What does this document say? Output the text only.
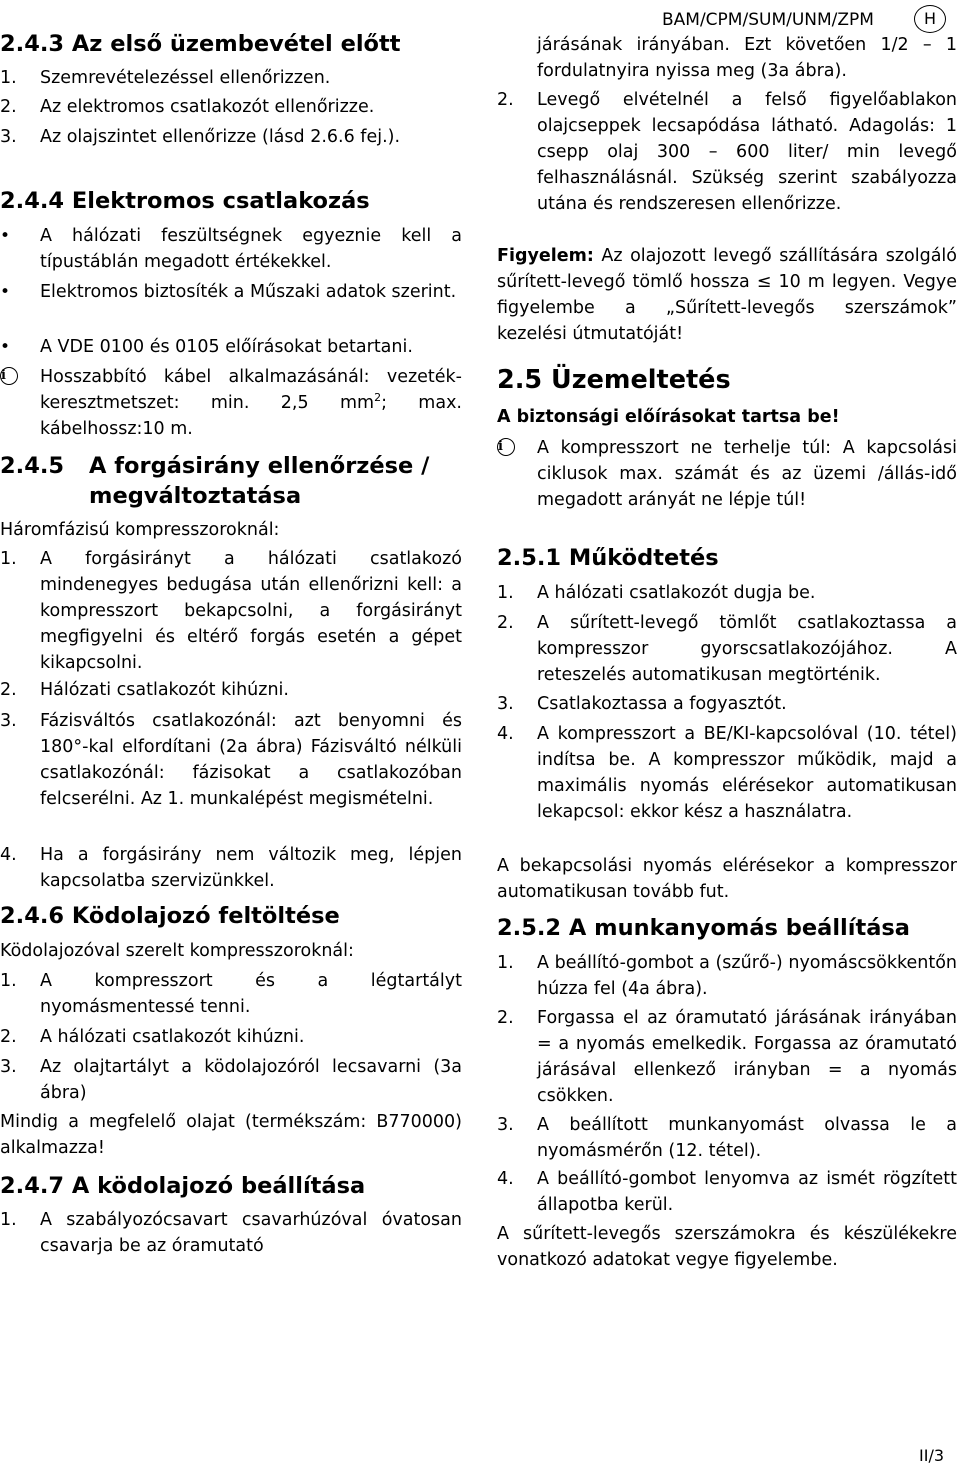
BAM/CPM/SUM/UNM/ZPM	H
2.4.3 Az első üzembevétel előtt
1. Szemrevételezéssel ellenőrizzen.
2. Az elektromos csatlakozót ellenőrizze.
3. Az olajszintet ellenőrizze (lásd 2.6.6 fej.).
2.4.4 Elektromos csatlakozás
• A hálózati feszültségnek egyeznie kell a típustáblán megadott értékekkel.
• Elektromos biztosíték a Műszaki adatok szerint.
• A VDE 0100 és 0105 előírásokat betartani.
i	Hosszabbító kábel alkalmazásánál: vezeték-keresztmetszet: min. 2,5 $mm^2$; max. kábelhossz:10 m.
2.4.5 A forgásirány ellenőrzése / megváltoztatása
Háromfázisú kompresszoroknál:
1. A forgásirányt a hálózati csatlakozó mindenegyes bedugása után ellenőrizni kell: a kompresszort bekapcsolni, a forgásirányt megfigyelni és eltérő forgás esetén a gépet kikapcsolni.
2. Hálózati csatlakozót kihúzni.
3. Fázisváltós csatlakozónál: azt benyomni és 180°-kal elfordítani (2a ábra) Fázisváltó nélküli csatlakozónál: fázisokat a csatlakozóban felcserélni. Az 1. munkalépést megismételni.
4. Ha a forgásirány nem változik meg, lépjen kapcsolatba szervizünkkel.
2.4.6 Ködolajozó feltöltése
Ködolajozóval szerelt kompresszoroknál:
1. A kompresszort és a légtartályt nyomásmentessé tenni.
2. A hálózati csatlakozót kihúzni.
3. Az olajtartályt a ködolajozóról lecsavarni (3a ábra)
Mindig a megfelelő olajat (termékszám: B770000) alkalmazza!
2.4.7 A ködolajozó beállítása
1. A szabályozócsavart csavarhúzóval óvatosan csavarja be az óramutató
járásának irányában. Ezt követően 1/2 – 1 fordulatnyira nyissa meg (3a ábra).
2. Levegő elvételnél a felső figyelőablakon olajcseppek lecsapódása látható. Adagolás: 1 csepp olaj 300 – 600 liter/ min levegő felhasználásnál. Szükség szerint szabályozza utána és rendszeresen ellenőrizze.
Figyelem: Az olajozott levegő szállítására szolgáló sűrített-levegő tömlő hossza ≤ 10 m legyen. Vegye figyelembe a „Sűrített-levegős szerszámok” kezelési útmutatóját!
2.5 Üzemeltetés
A biztonsági előírásokat tartsa be!
i	A kompresszort ne terhelje túl: A kapcsolási ciklusok max. számát és az üzemi /állás-idő megadott arányát ne lépje túl!
2.5.1 Működtetés
1. A hálózati csatlakozót dugja be.
2. A sűrített-levegő tömlőt csatlakoztassa a kompresszor gyorscsatlakozójához. A reteszelés automatikusan megtörténik.
3. Csatlakoztassa a fogyasztót.
4. A kompresszort a BE/KI-kapcsolóval (10. tétel) indítsa be. A kompresszor működik, majd a maximális nyomás elérésekor automatikusan lekapcsol: ekkor kész a használatra.
A bekapcsolási nyomás elérésekor a kompresszor automatikusan tovább fut.
2.5.2 A munkanyomás beállítása
1. A beállító-gombot a (szűrő-) nyomáscsökkentőn húzza fel (4a ábra).
2. Forgassa el az óramutató járásának irányában = a nyomás emelkedik. Forgassa az óramutató járásával ellenkező irányban = a nyomás csökken.
3. A beállított munkanyomást olvassa le a nyomásmérőn (12. tétel).
4. A beállító-gombot lenyomva az ismét rögzített állapotba kerül.
A sűrített-levegős szerszámokra és készülékekre vonatkozó adatokat vegye figyelembe.
II/3
